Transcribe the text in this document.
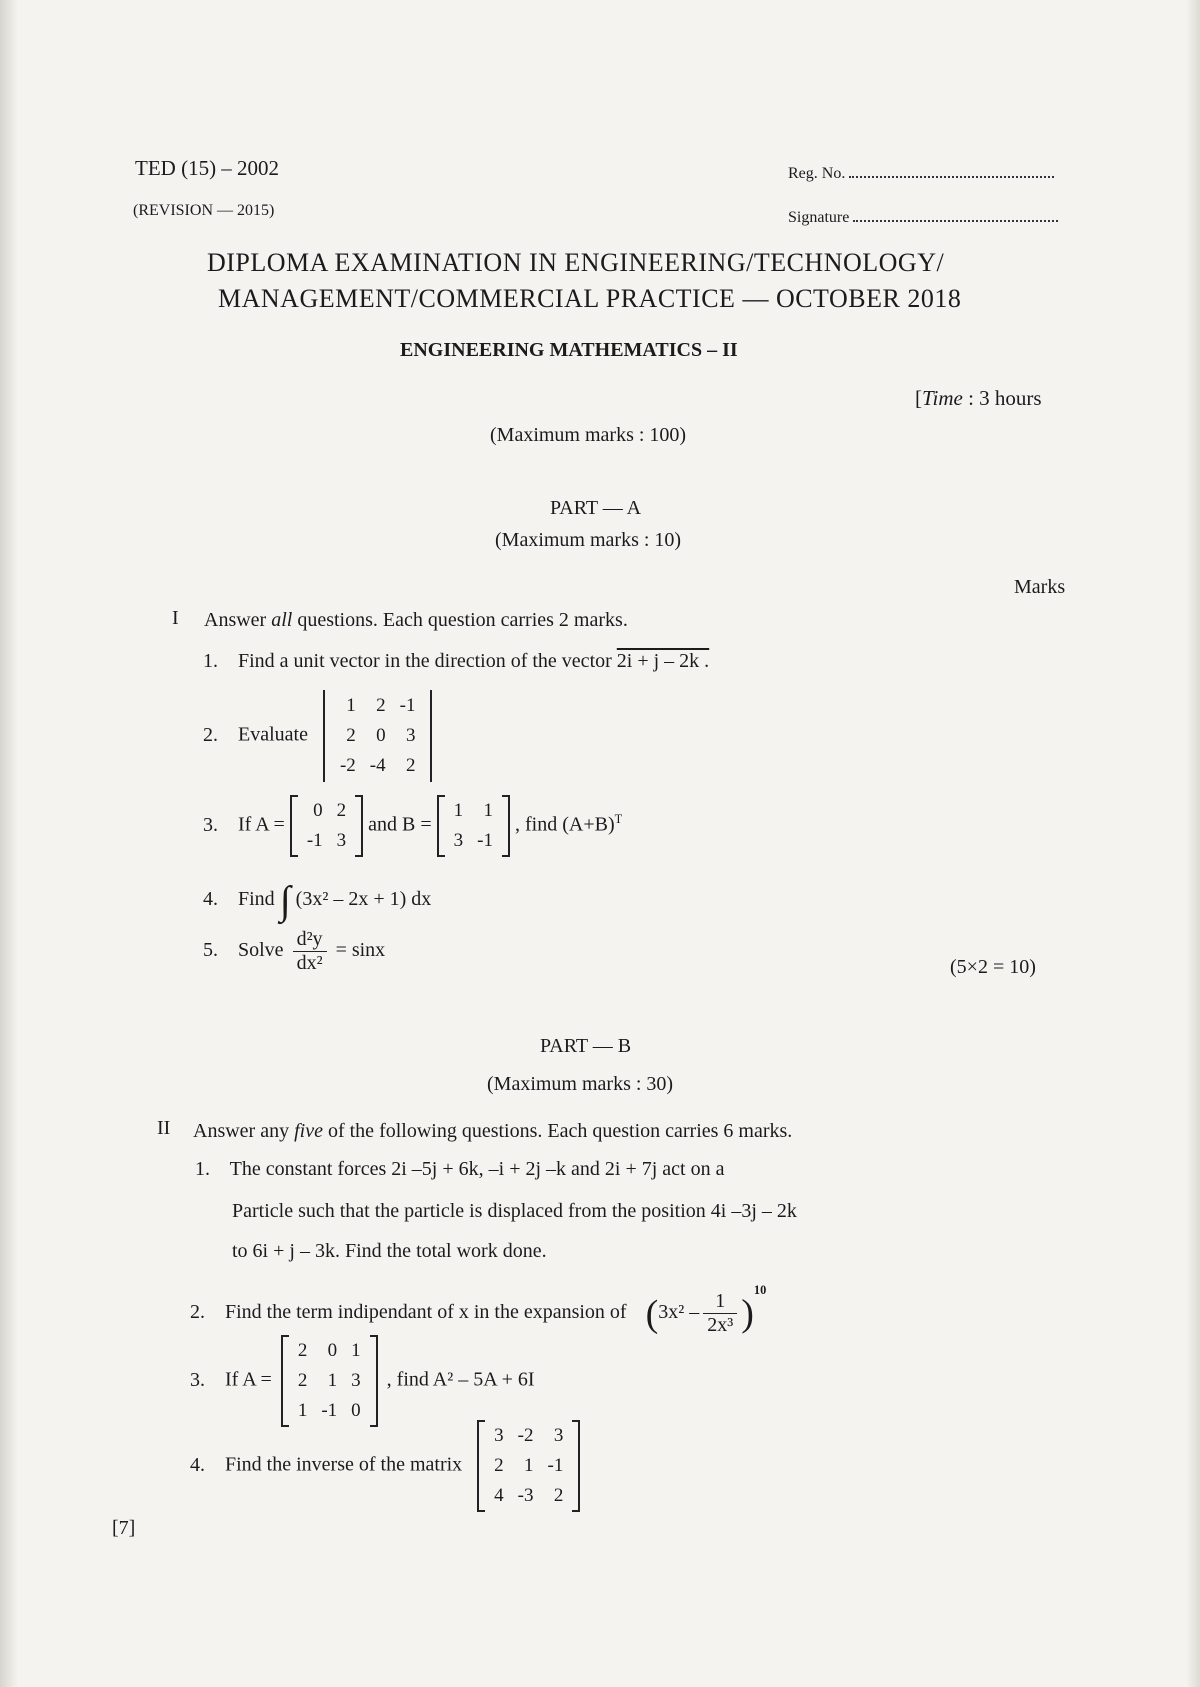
TED (15) – 2002
(REVISION — 2015)
Reg. No.
Signature
DIPLOMA EXAMINATION IN ENGINEERING/TECHNOLOGY/
MANAGEMENT/COMMERCIAL PRACTICE — OCTOBER 2018
ENGINEERING MATHEMATICS – II
[Time : 3 hours
(Maximum marks : 100)
PART — A
(Maximum marks : 10)
Marks
I Answer all questions. Each question carries 2 marks.
1. Find a unit vector in the direction of the vector 2i + j – 2k .
2. Evaluate
1	2	-1
2	0	3
-2	-4	2
3. If A =
0	2
-1	3
and B =
1	1
3	-1
, find $(A+B)^T$
4. Find ∫ (3x² – 2x + 1) dx
5. Solve $\frac{\text{d²y}}{\text{dx²}} = \sin x$
(5×2 = 10)
PART — B
(Maximum marks : 30)
II Answer any five of the following questions. Each question carries 6 marks.
1. The constant forces 2i –5j + 6k, –i + 2j –k and 2i + 7j act on a
Particle such that the particle is displaced from the position 4i –3j – 2k
to 6i + j – 3k. Find the total work done.
2. Find the term indipendant of x in the expansion of $(3x^2 - \frac{1}{\text{2x³}} )^{10}$
3. If A =
2	0	1
2	1	3
1	-1	0
, find A² – 5A + 6I
4. Find the inverse of the matrix
3	-2	3
2	1	-1
4	-3	2
[7]
